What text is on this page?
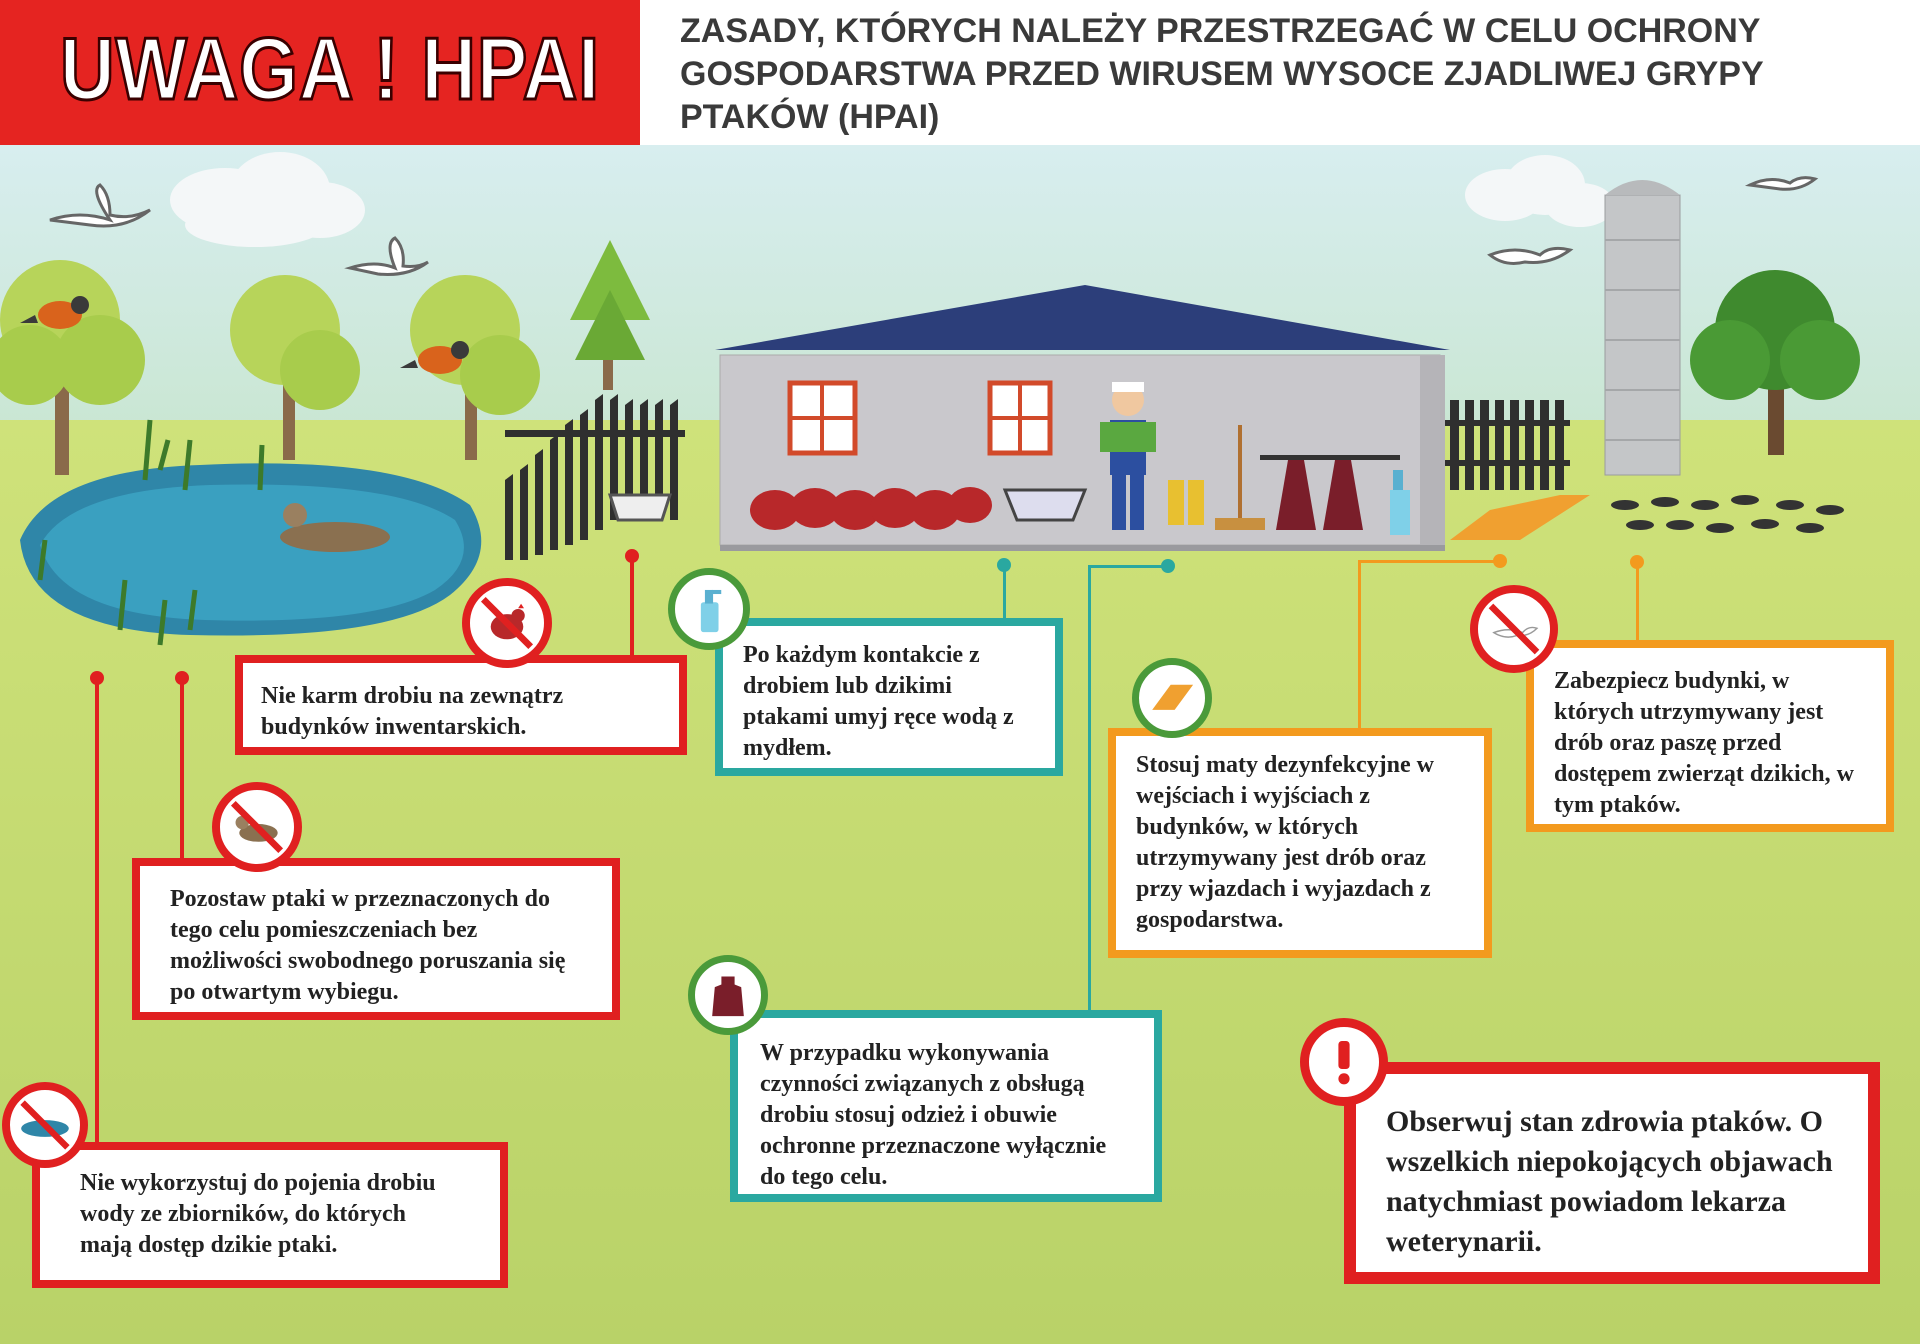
UWAGA ! HPAI ZASADY, KTÓRYCH NALEŻY PRZESTRZEGAĆ W CELU OCHRONY GOSPODARSTWA PRZED WIRUSEM WYSOCE ZJADLIWEJ GRYPY PTAKÓW (HPAI)
Nie karm drobiu na zewnątrz budynków inwentarskich.
Po każdym kontakcie z drobiem lub dzikimi ptakami umyj ręce wodą z mydłem.
Stosuj maty dezynfekcyjne w wejściach i wyjściach z budynków, w których utrzymywany jest drób oraz przy wjazdach i wyjazdach z gospodarstwa.
Zabezpiecz budynki, w których utrzymywany jest drób oraz paszę przed dostępem zwierząt dzikich, w tym ptaków.
Pozostaw ptaki w przeznaczonych do tego celu pomieszczeniach bez możliwości swobodnego poruszania się po otwartym wybiegu.
W przypadku wykonywania czynności związanych z obsługą drobiu stosuj odzież i obuwie ochronne przeznaczone wyłącznie do tego celu.
Nie wykorzystuj do pojenia drobiu wody ze zbiorników, do których mają dostęp dzikie ptaki.
Obserwuj stan zdrowia ptaków. O wszelkich niepokojących objawach natychmiast powiadom lekarza weterynarii.
